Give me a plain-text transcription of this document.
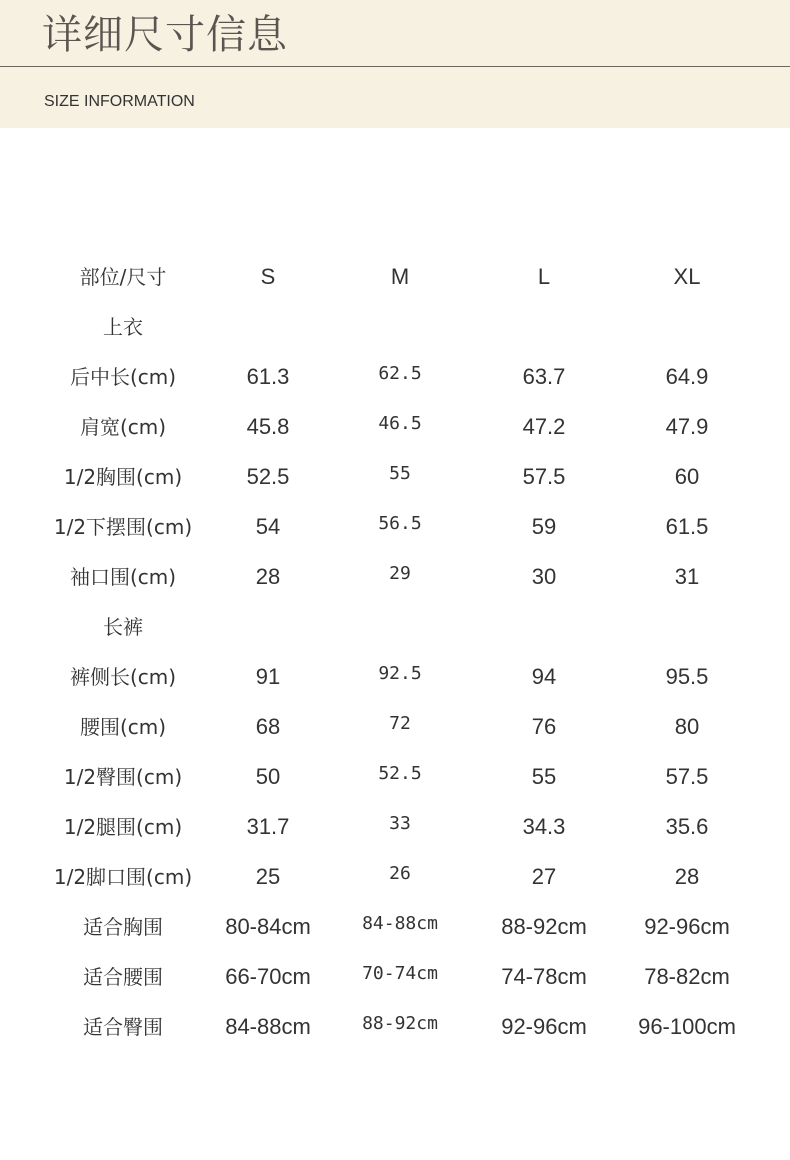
详细尺寸信息
SIZE INFORMATION
部位/尺寸	S	M	L	XL
上衣
后中长(cm)	61.3	62.5	63.7	64.9
肩宽(cm)	45.8	46.5	47.2	47.9
1/2胸围(cm)	52.5	55	57.5	60
1/2下摆围(cm)	54	56.5	59	61.5
袖口围(cm)	28	29	30	31
长裤
裤侧长(cm)	91	92.5	94	95.5
腰围(cm)	68	72	76	80
1/2臀围(cm)	50	52.5	55	57.5
1/2腿围(cm)	31.7	33	34.3	35.6
1/2脚口围(cm)	25	26	27	28
适合胸围	80-84cm	84-88cm	88-92cm	92-96cm
适合腰围	66-70cm	70-74cm	74-78cm	78-82cm
适合臀围	84-88cm	88-92cm	92-96cm	96-100cm
